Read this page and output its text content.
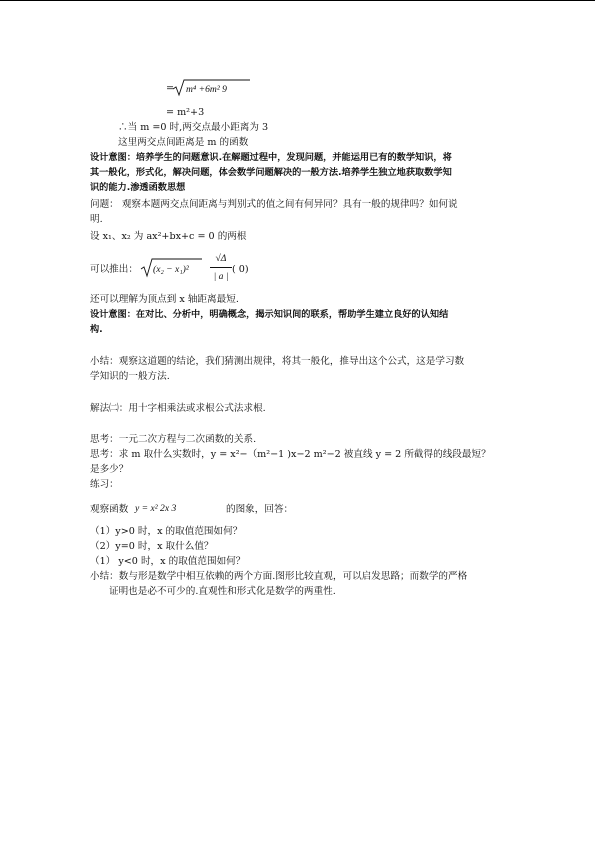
= m⁴ +6m² 9
= m²+3
∴当 m =0 时,两交点最小距离为 3
这里两交点间距离是 m 的函数
设计意图：培养学生的问题意识.在解题过程中，发现问题，并能运用已有的数学知识，将
其一般化，形式化，解决问题，体会数学问题解决的一般方法.培养学生独立地获取数学知
识的能力.渗透函数思想
问题： 观察本题两交点间距离与判别式的值之间有何异同？具有一般的规律吗？如何说
明.
设 x₁、x₂ 为 ax²+bx+c = 0 的两根
可以推出： (x₂ − x₁)²
√Δ
| a |
( 0)
还可以理解为顶点到 x 轴距离最短.
设计意图：在对比、分析中，明确概念，揭示知识间的联系，帮助学生建立良好的认知结
构.
小结：观察这道题的结论，我们猜测出规律，将其一般化，推导出这个公式，这是学习数
学知识的一般方法.
解法㈡：用十字相乘法或求根公式法求根.
思考：一元二次方程与二次函数的关系.
思考：求 m 取什么实数时，y = x²−（m²−1 )x−2 m²−2 被直线 y = 2 所截得的线段最短？
是多少？
练习：
观察函数 y = x² 2x 3	的图象，回答：
（1）y>0 时，x 的取值范围如何？
（2）y=0 时，x 取什么值？
（1） y<0 时，x 的取值范围如何？
小结：数与形是数学中相互依赖的两个方面.图形比较直观，可以启发思路；而数学的严格
证明也是必不可少的.直观性和形式化是数学的两重性.
